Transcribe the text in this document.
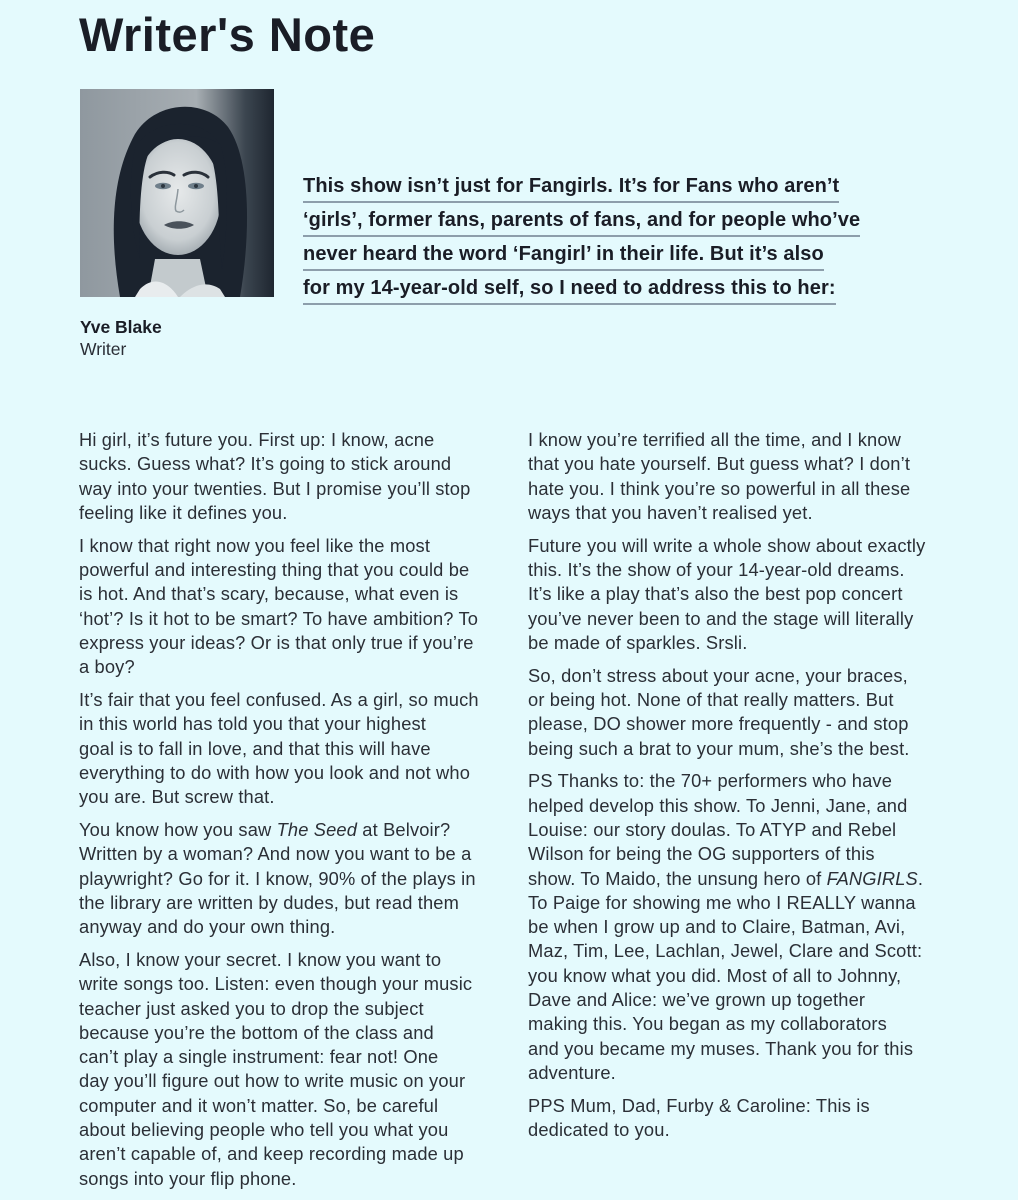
Writer's Note
Yve Blake
Writer
This show isn’t just for Fangirls. It’s for Fans who aren’t
‘girls’, former fans, parents of fans, and for people who’ve
never heard the word ‘Fangirl’ in their life. But it’s also
for my 14-year-old self, so I need to address this to her:

Hi girl, it’s future you. First up: I know, acne
sucks. Guess what? It’s going to stick around
way into your twenties. But I promise you’ll stop
feeling like it defines you.

I know that right now you feel like the most
powerful and interesting thing that you could be
is hot. And that’s scary, because, what even is
‘hot’? Is it hot to be smart? To have ambition? To
express your ideas? Or is that only true if you’re
a boy?

It’s fair that you feel confused. As a girl, so much
in this world has told you that your highest
goal is to fall in love, and that this will have
everything to do with how you look and not who
you are. But screw that.

You know how you saw The Seed at Belvoir?
Written by a woman? And now you want to be a
playwright? Go for it. I know, 90% of the plays in
the library are written by dudes, but read them
anyway and do your own thing.

Also, I know your secret. I know you want to
write songs too. Listen: even though your music
teacher just asked you to drop the subject
because you’re the bottom of the class and
can’t play a single instrument: fear not! One
day you’ll figure out how to write music on your
computer and it won’t matter. So, be careful
about believing people who tell you what you
aren’t capable of, and keep recording made up
songs into your flip phone.

I know you’re terrified all the time, and I know
that you hate yourself. But guess what? I don’t
hate you. I think you’re so powerful in all these
ways that you haven’t realised yet.

Future you will write a whole show about exactly
this. It’s the show of your 14-year-old dreams.
It’s like a play that’s also the best pop concert
you’ve never been to and the stage will literally
be made of sparkles. Srsli.

So, don’t stress about your acne, your braces,
or being hot. None of that really matters. But
please, DO shower more frequently - and stop
being such a brat to your mum, she’s the best.

PS Thanks to: the 70+ performers who have
helped develop this show. To Jenni, Jane, and
Louise: our story doulas. To ATYP and Rebel
Wilson for being the OG supporters of this
show. To Maido, the unsung hero of FANGIRLS.
To Paige for showing me who I REALLY wanna
be when I grow up and to Claire, Batman, Avi,
Maz, Tim, Lee, Lachlan, Jewel, Clare and Scott:
you know what you did. Most of all to Johnny,
Dave and Alice: we’ve grown up together
making this. You began as my collaborators
and you became my muses. Thank you for this
adventure.

PPS Mum, Dad, Furby & Caroline: This is
dedicated to you.
